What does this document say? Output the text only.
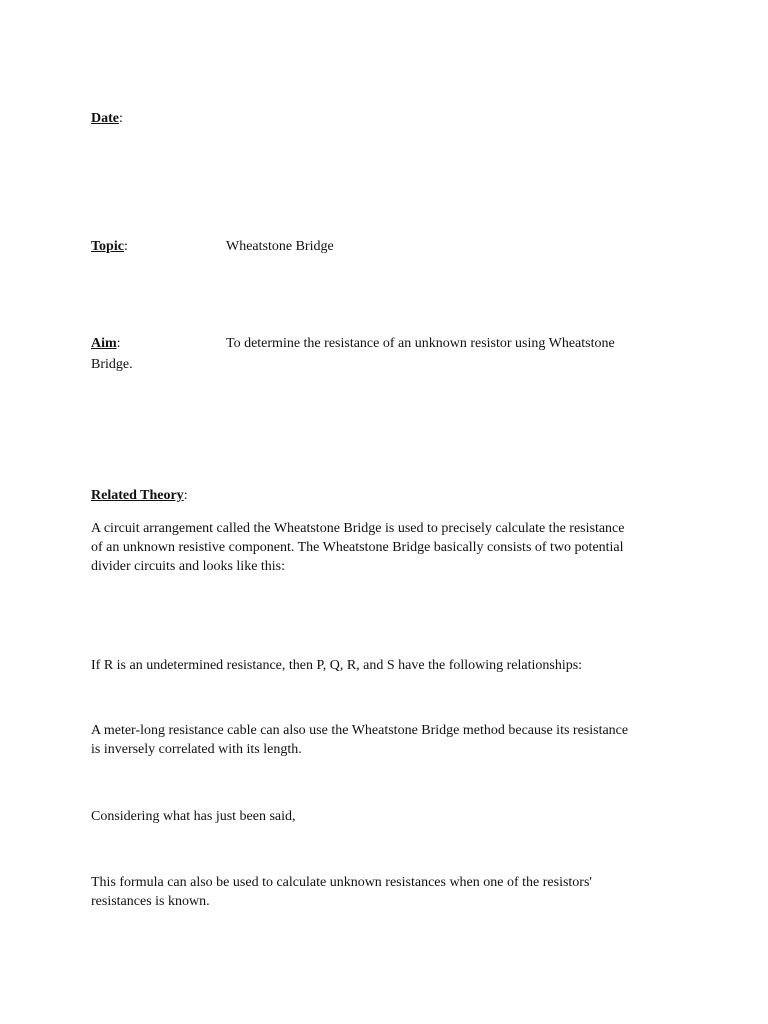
Date:
Topic:	Wheatstone Bridge
Aim:	To determine the resistance of an unknown resistor using Wheatstone
Bridge.
Related Theory:
A circuit arrangement called the Wheatstone Bridge is used to precisely calculate the resistance
of an unknown resistive component. The Wheatstone Bridge basically consists of two potential
divider circuits and looks like this:
If R is an undetermined resistance, then P, Q, R, and S have the following relationships:
A meter-long resistance cable can also use the Wheatstone Bridge method because its resistance
is inversely correlated with its length.
Considering what has just been said,
This formula can also be used to calculate unknown resistances when one of the resistors'
resistances is known.
